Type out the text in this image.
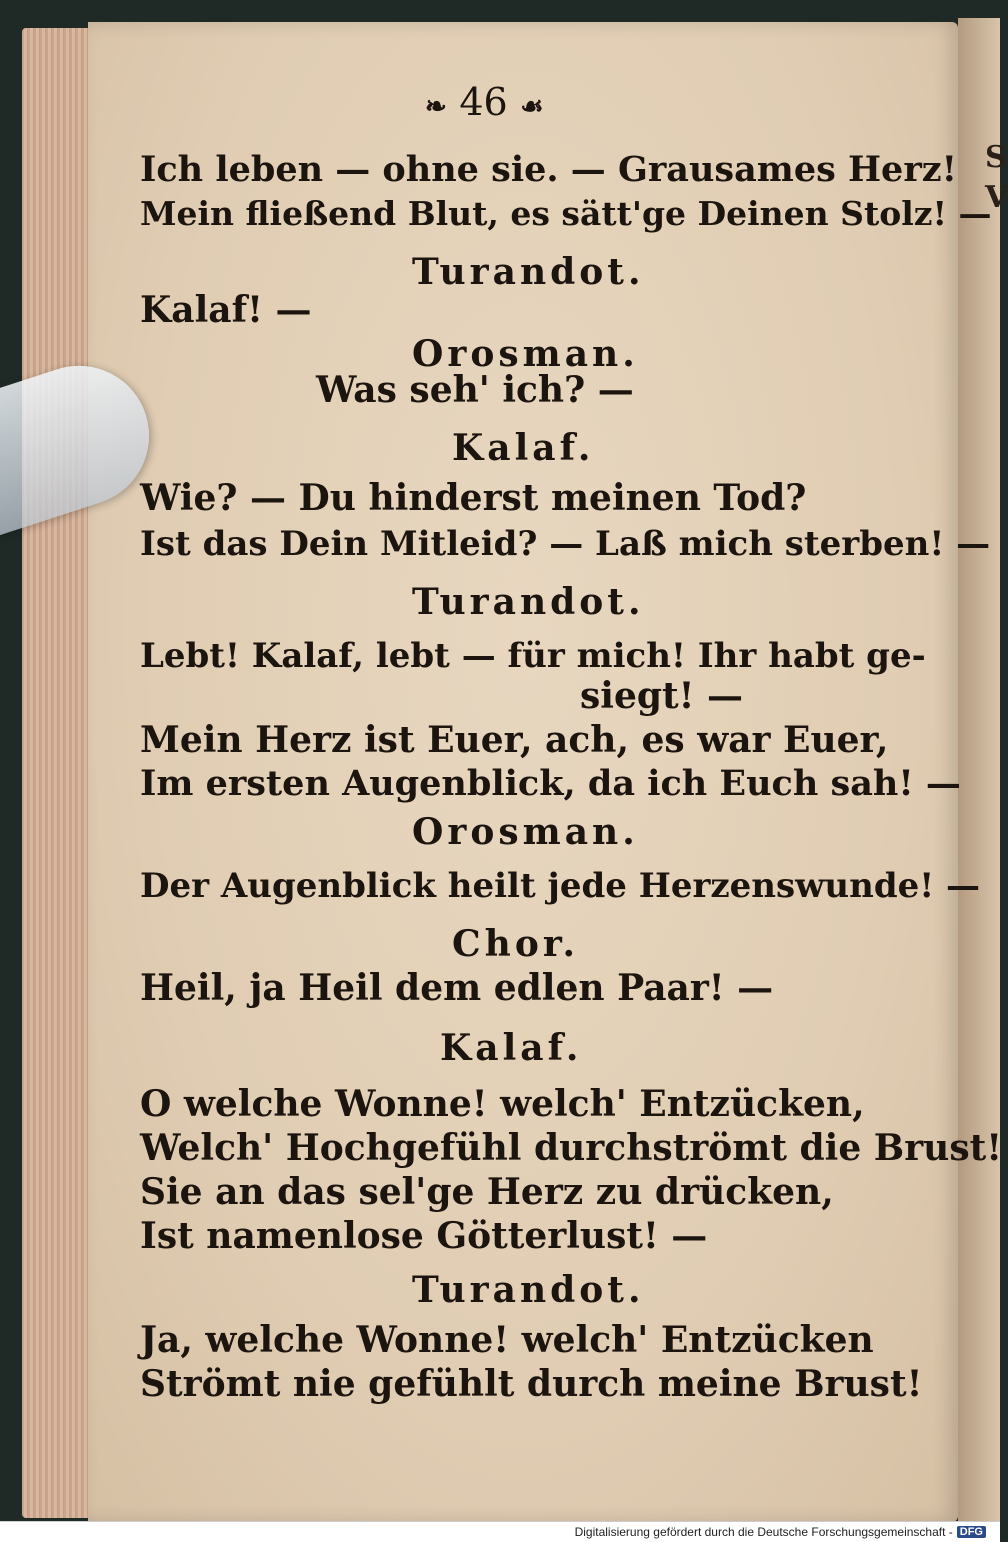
S
V
❧ 46 ☙
Ich leben — ohne sie. — Grausames Herz!
Mein fließend Blut, es sätt'ge Deinen Stolz! —
Turandot.
Kalaf! —
Orosman.
Was seh' ich? —
Kalaf.
Wie? — Du hinderst meinen Tod?
Ist das Dein Mitleid? — Laß mich sterben! —
Turandot.
Lebt! Kalaf, lebt — für mich! Ihr habt ge-
siegt! —
Mein Herz ist Euer, ach, es war Euer,
Im ersten Augenblick, da ich Euch sah! —
Orosman.
Der Augenblick heilt jede Herzenswunde! —
Chor.
Heil, ja Heil dem edlen Paar! —
Kalaf.
O welche Wonne! welch' Entzücken,
Welch' Hochgefühl durchströmt die Brust!
Sie an das sel'ge Herz zu drücken,
Ist namenlose Götterlust! —
Turandot.
Ja, welche Wonne! welch' Entzücken
Strömt nie gefühlt durch meine Brust!
Digitalisierung gefördert durch die Deutsche Forschungsgemeinschaft - DFG
